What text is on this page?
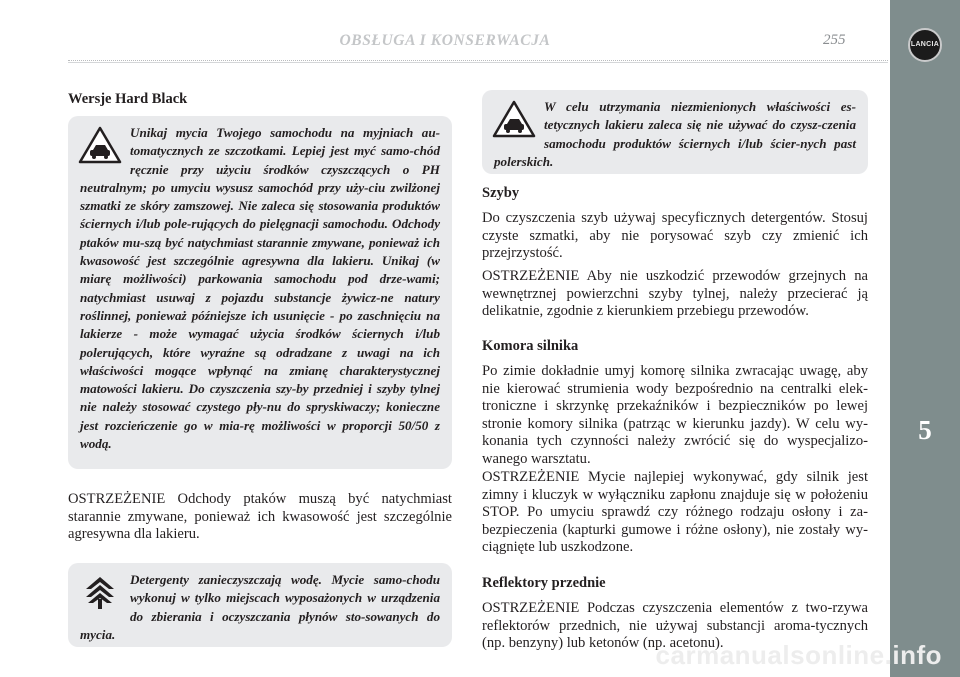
OBSŁUGA I KONSERWACJA	255	LANCIA
5
Wersje Hard Black
Unikaj mycia Twojego samochodu na myjniach au-tomatycznych ze szczotkami. Lepiej jest myć samo-chód ręcznie przy użyciu środków czyszczących o PH neutralnym; po umyciu wysusz samochód przy uży-ciu zwilżonej szmatki ze skóry zamszowej. Nie zaleca się stosowania produktów ściernych i/lub pole-rujących do pielęgnacji samochodu. Odchody ptaków mu-szą być natychmiast starannie zmywane, ponieważ ich kwasowość jest szczególnie agresywna dla lakieru. Unikaj (w miarę możliwości) parkowania samochodu pod drze-wami; natychmiast usuwaj z pojazdu substancje żywicz-ne natury roślinnej, ponieważ późniejsze ich usunięcie - po zaschnięciu na lakierze - może wymagać użycia środków ściernych i/lub polerujących, które wyraźne są odradzane z uwagi na ich właściwości mogące wpłynąć na zmianę charakterystycznej matowości lakieru. Do czyszczenia szy-by przedniej i szyby tylnej nie należy stosować czystego pły-nu do spryskiwaczy; konieczne jest rozcieńczenie go w mia-rę możliwości w proporcji 50/50 z wodą.

OSTRZEŻENIE Odchody ptaków muszą być natychmiast starannie zmywane, ponieważ ich kwasowość jest szczególnie agresywna dla lakieru.

Detergenty zanieczyszczają wodę. Mycie samo-chodu wykonuj w tylko miejscach wyposażonych w urządzenia do zbierania i oczyszczania płynów sto-sowanych do mycia.
W celu utrzymania niezmienionych właściwości es-tetycznych lakieru zaleca się nie używać do czysz-czenia samochodu produktów ściernych i/lub ścier-nych past polerskich.
Szyby

Do czyszczenia szyb używaj specyficznych detergentów. Stosuj czyste szmatki, aby nie porysować szyb czy zmienić ich przejrzystość.

OSTRZEŻENIE Aby nie uszkodzić przewodów grzejnych na wewnętrznej powierzchni szyby tylnej, należy przecierać ją delikatnie, zgodnie z kierunkiem przebiegu przewodów.

Komora silnika

Po zimie dokładnie umyj komorę silnika zwracając uwagę, aby nie kierować strumienia wody bezpośrednio na centralki elek-troniczne i skrzynkę przekaźników i bezpieczników po lewej stronie komory silnika (patrząc w kierunku jazdy). W celu wy-konania tych czynności należy zwrócić się do wyspecjalizo-wanego warsztatu.

OSTRZEŻENIE Mycie najlepiej wykonywać, gdy silnik jest zimny i kluczyk w wyłączniku zapłonu znajduje się w położeniu STOP. Po umyciu sprawdź czy różnego rodzaju osłony i za-bezpieczenia (kapturki gumowe i różne osłony), nie zostały wy-ciągnięte lub uszkodzone.

Reflektory przednie

OSTRZEŻENIE Podczas czyszczenia elementów z two-rzywa reflektorów przednich, nie używaj substancji aroma-tycznych (np. benzyny) lub ketonów (np. acetonu).

carmanualsonline.info
